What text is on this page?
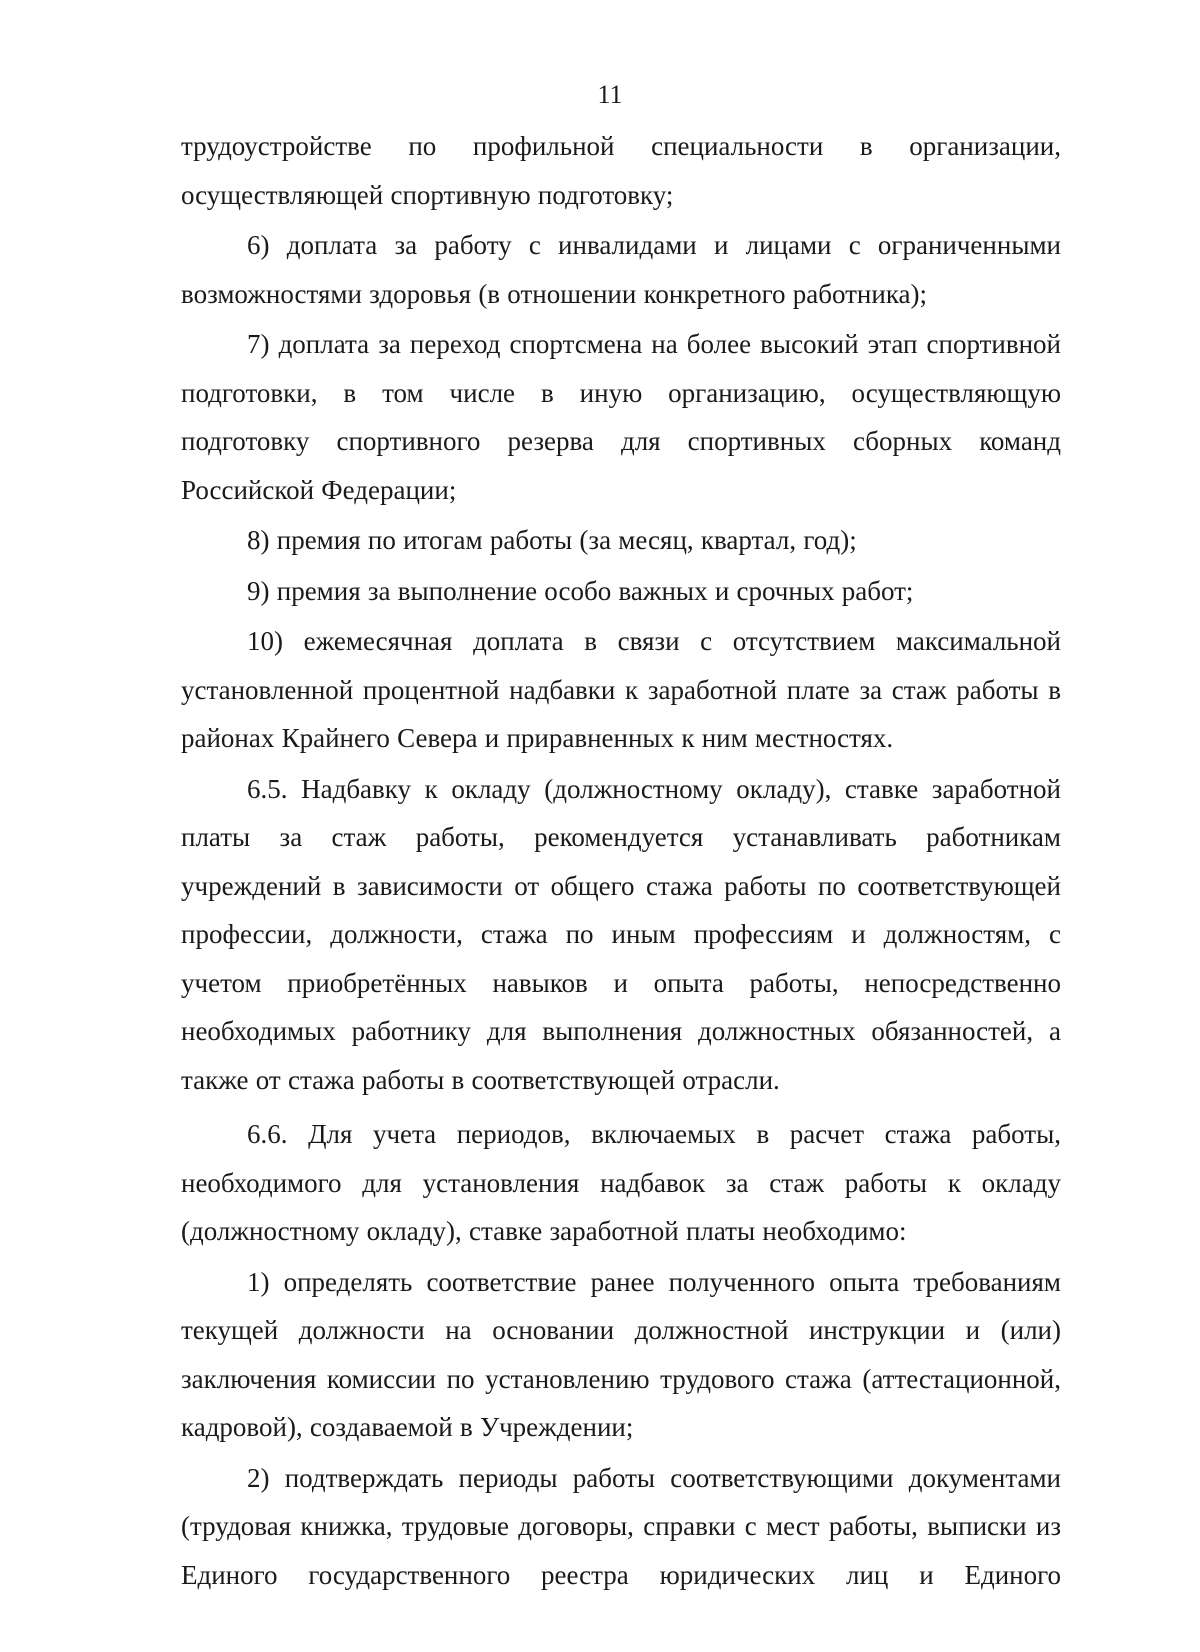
11

трудоустройстве по профильной специальности в организации, осуществляющей спортивную подготовку;

6) доплата за работу с инвалидами и лицами с ограниченными возможностями здоровья (в отношении конкретного работника);

7) доплата за переход спортсмена на более высокий этап спортивной подготовки, в том числе в иную организацию, осуществляющую подготовку спортивного резерва для спортивных сборных команд Российской Федерации;

8) премия по итогам работы (за месяц, квартал, год);

9) премия за выполнение особо важных и срочных работ;

10) ежемесячная доплата в связи с отсутствием максимальной установленной процентной надбавки к заработной плате за стаж работы в районах Крайнего Севера и приравненных к ним местностях.

6.5. Надбавку к окладу (должностному окладу), ставке заработной платы за стаж работы, рекомендуется устанавливать работникам учреждений в зависимости от общего стажа работы по соответствующей профессии, должности, стажа по иным профессиям и должностям, с учетом приобретённых навыков и опыта работы, непосредственно необходимых работнику для выполнения должностных обязанностей, а также от стажа работы в соответствующей отрасли.

6.6. Для учета периодов, включаемых в расчет стажа работы, необходимого для установления надбавок за стаж работы к окладу (должностному окладу), ставке заработной платы необходимо:

1) определять соответствие ранее полученного опыта требованиям текущей должности на основании должностной инструкции и (или) заключения комиссии по установлению трудового стажа (аттестационной, кадровой), создаваемой в Учреждении;

2) подтверждать периоды работы соответствующими документами (трудовая книжка, трудовые договоры, справки с мест работы, выписки из Единого государственного реестра юридических лиц и Единого
